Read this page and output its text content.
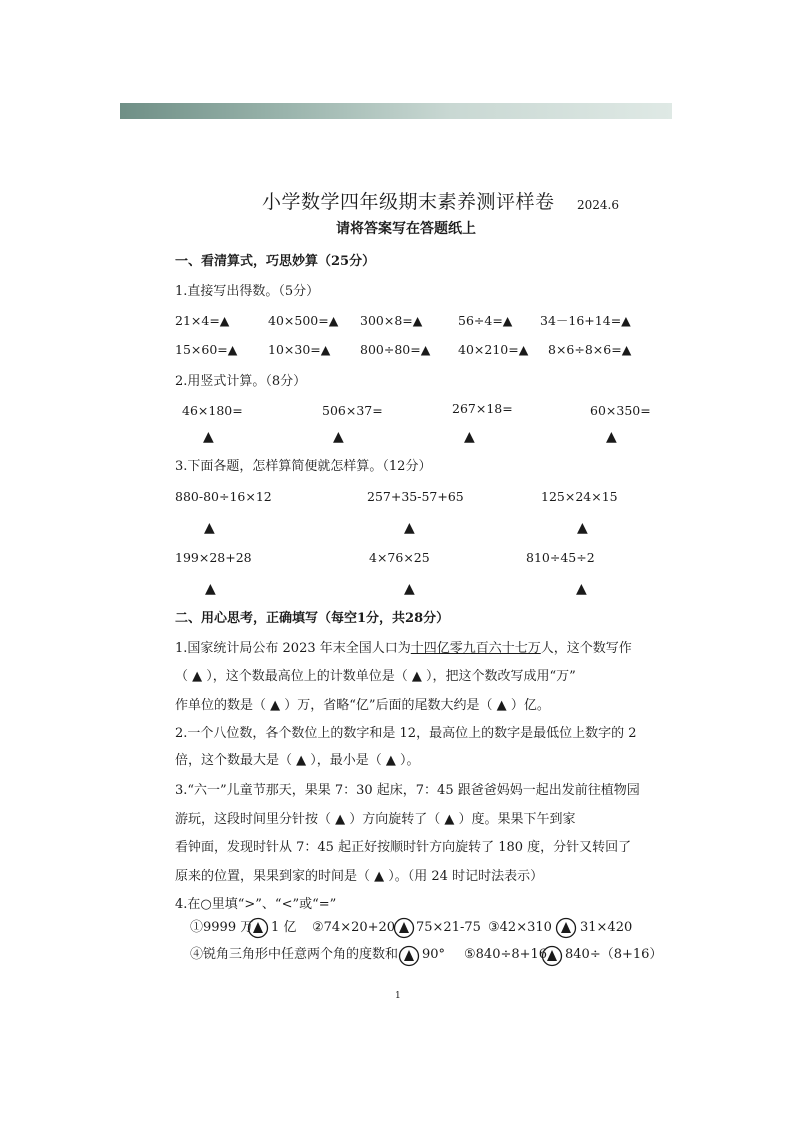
小学数学四年级期末素养测评样卷 2024.6
请将答案写在答题纸上
一、看清算式，巧思妙算（25分）
1.直接写出得数。（5分）
21×4=▲	40×500=▲ 300×8=▲	56÷4=▲ 34－16+14=▲
15×60=▲ 10×30=▲ 800÷80=▲ 40×210=▲ 8×6÷8×6=▲
2.用竖式计算。（8分）
46×180=	506×37=	267×18=	60×350=
▲	▲	▲	▲
3.下面各题，怎样算简便就怎样算。（12分）
880-80÷16×12	257+35-57+65	125×24×15
▲	▲	▲
199×28+28	4×76×25	810÷45÷2
▲	▲	▲
二、用心思考，正确填写（每空1分，共28分）
1.国家统计局公布 2023 年末全国人口为十四亿零九百六十七万人，这个数写作
（ ▲ ），这个数最高位上的计数单位是（ ▲ ），把这个数改写成用“万”
作单位的数是（ ▲ ）万，省略“亿”后面的尾数大约是（ ▲ ）亿。
2.一个八位数，各个数位上的数字和是 12，最高位上的数字是最低位上数字的 2
倍，这个数最大是（ ▲ ），最小是（ ▲ ）。
3.“六一”儿童节那天，果果 7：30 起床，7：45 跟爸爸妈妈一起出发前往植物园
游玩，这段时间里分针按（ ▲ ）方向旋转了（ ▲ ）度。果果下午到家
看钟面，发现时针从 7：45 起正好按顺时针方向旋转了 180 度，分针又转回了
原来的位置，果果到家的时间是（ ▲ ）。（用 24 时记时法表示）
4.在○里填“>”、“<”或“=”
①9999 万 1 亿 ②74×20+20 75×21-75 ③42×310 31×420
④锐角三角形中任意两个角的度数和 90° ⑤840÷8+16 840÷（8+16）
1
